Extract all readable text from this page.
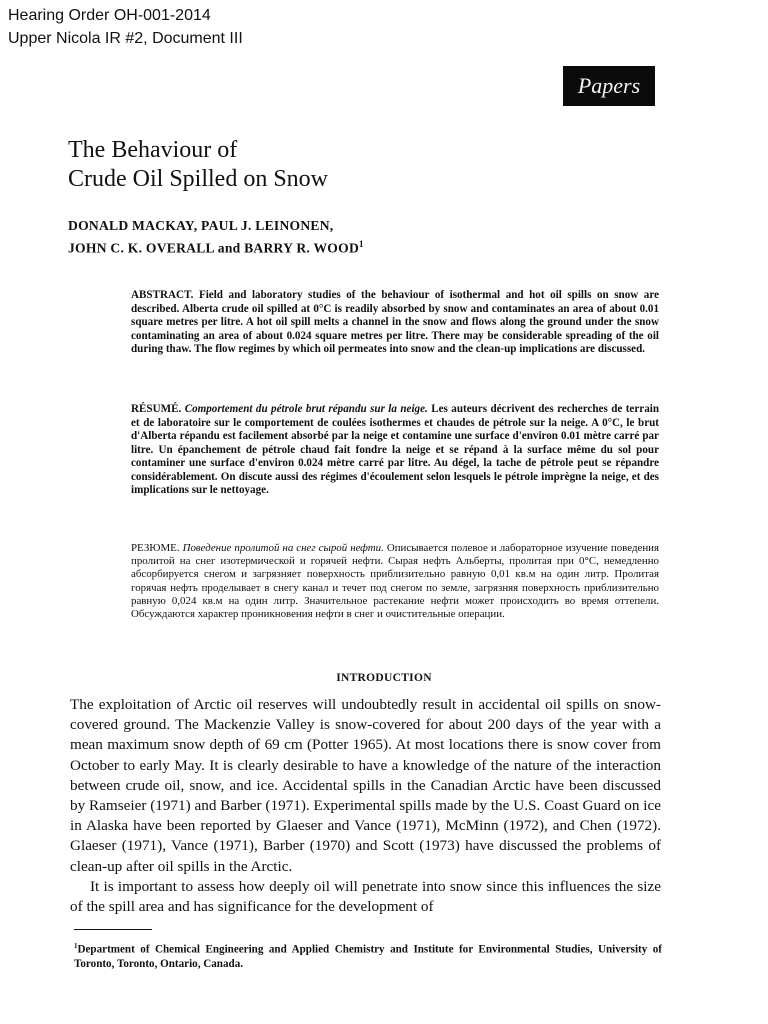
Hearing Order OH-001-2014
Upper Nicola IR #2, Document III
Papers
The Behaviour of
Crude Oil Spilled on Snow

DONALD MACKAY, PAUL J. LEINONEN,
JOHN C. K. OVERALL and BARRY R. WOOD$^1$

ABSTRACT. Field and laboratory studies of the behaviour of isothermal and hot oil spills on snow are described. Alberta crude oil spilled at 0°C is readily absorbed by snow and contaminates an area of about 0.01 square metres per litre. A hot oil spill melts a channel in the snow and flows along the ground under the snow contaminating an area of about 0.024 square metres per litre. There may be considerable spreading of the oil during thaw. The flow regimes by which oil permeates into snow and the clean-up implications are discussed.

RÉSUMÉ. Comportement du pétrole brut répandu sur la neige. Les auteurs décrivent des recherches de terrain et de laboratoire sur le comportement de coulées isothermes et chaudes de pétrole sur la neige. A 0°C, le brut d'Alberta répandu est facilement absorbé par la neige et contamine une surface d'environ 0.01 mètre carré par litre. Un épanchement de pétrole chaud fait fondre la neige et se répand à la surface même du sol pour contaminer une surface d'environ 0.024 mètre carré par litre. Au dégel, la tache de pétrole peut se répandre considérablement. On discute aussi des régimes d'écoulement selon lesquels le pétrole imprègne la neige, et des implications sur le nettoyage.

РЕЗЮМЕ. Поведение пролитой на снег сырой нефти. Описывается полевое и лабораторное изучение поведения пролитой на снег изотермической и горячей нефти. Сырая нефть Альберты, пролитая при 0°C, немедленно абсорбируется снегом и загрязняет поверхность приблизительно равную 0,01 кв.м на один литр. Пролитая горячая нефть проделывает в снегу канал и течет под снегом по земле, загрязняя поверхность приблизительно равную 0,024 кв.м на один литр. Значительное растекание нефти может происходить во время оттепели. Обсуждаются характер проникновения нефти в снег и очистительные операции.

INTRODUCTION

The exploitation of Arctic oil reserves will undoubtedly result in accidental oil spills on snow-covered ground. The Mackenzie Valley is snow-covered for about 200 days of the year with a mean maximum snow depth of 69 cm (Potter 1965). At most locations there is snow cover from October to early May. It is clearly desirable to have a knowledge of the nature of the interaction between crude oil, snow, and ice. Accidental spills in the Canadian Arctic have been discussed by Ramseier (1971) and Barber (1971). Experimental spills made by the U.S. Coast Guard on ice in Alaska have been reported by Glaeser and Vance (1971), McMinn (1972), and Chen (1972). Glaeser (1971), Vance (1971), Barber (1970) and Scott (1973) have discussed the problems of clean-up after oil spills in the Arctic.

It is important to assess how deeply oil will penetrate into snow since this influences the size of the spill area and has significance for the development of

$^1$Department of Chemical Engineering and Applied Chemistry and Institute for Environmental Studies, University of Toronto, Toronto, Ontario, Canada.
